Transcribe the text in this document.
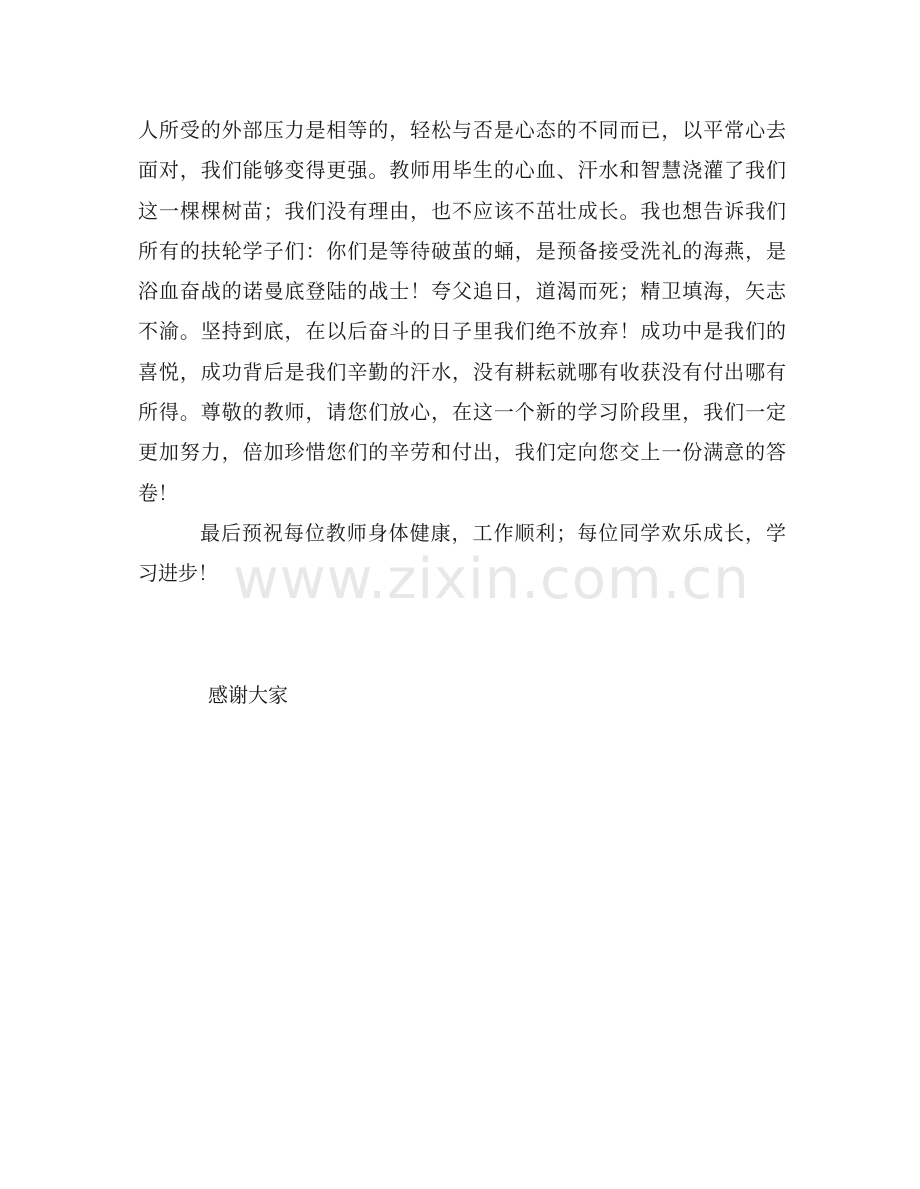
人所受的外部压力是相等的，轻松与否是心态的不同而已，以平常心去
面对，我们能够变得更强。教师用毕生的心血、汗水和智慧浇灌了我们
这一棵棵树苗；我们没有理由，也不应该不茁壮成长。我也想告诉我们
所有的扶轮学子们：你们是等待破茧的蛹，是预备接受洗礼的海燕，是
浴血奋战的诺曼底登陆的战士！夸父追日，道渴而死；精卫填海，矢志
不渝。坚持到底，在以后奋斗的日子里我们绝不放弃！成功中是我们的
喜悦，成功背后是我们辛勤的汗水，没有耕耘就哪有收获没有付出哪有
所得。尊敬的教师，请您们放心，在这一个新的学习阶段里，我们一定
更加努力，倍加珍惜您们的辛劳和付出，我们定向您交上一份满意的答
卷！
最后预祝每位教师身体健康，工作顺利；每位同学欢乐成长，学
习进步！
感谢大家
www.zixin.com.cn
